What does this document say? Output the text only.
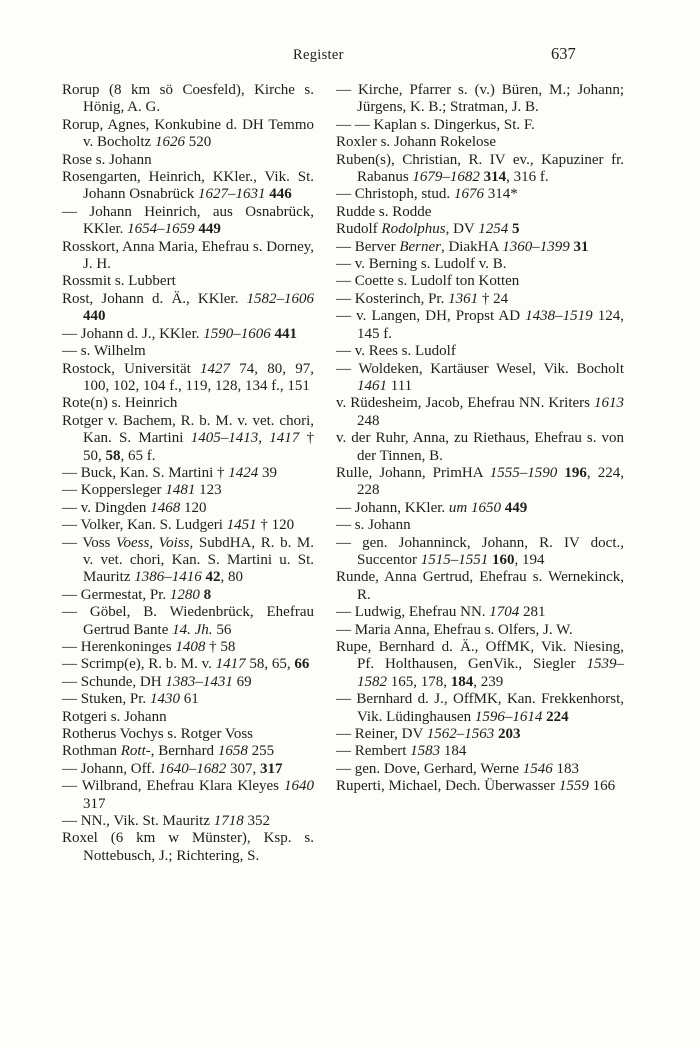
Register	637

Rorup (8 km sö Coesfeld), Kirche s. Hönig, A. G.

Rorup, Agnes, Konkubine d. DH Temmo v. Bocholtz 1626 520

Rose s. Johann

Rosengarten, Heinrich, KKler., Vik. St. Johann Osnabrück 1627–1631 446

— Johann Heinrich, aus Osnabrück, KKler. 1654–1659 449

Rosskort, Anna Maria, Ehefrau s. Dorney, J. H.

Rossmit s. Lubbert

Rost, Johann d. Ä., KKler. 1582–1606 440

— Johann d. J., KKler. 1590–1606 441

— s. Wilhelm

Rostock, Universität 1427 74, 80, 97, 100, 102, 104 f., 119, 128, 134 f., 151

Rote(n) s. Heinrich

Rotger v. Bachem, R. b. M. v. vet. chori, Kan. S. Martini 1405–1413, 1417 † 50, 58, 65 f.

— Buck, Kan. S. Martini † 1424 39

— Koppersleger 1481 123

— v. Dingden 1468 120

— Volker, Kan. S. Ludgeri 1451 † 120

— Voss Voess, Voiss, SubdHA, R. b. M. v. vet. chori, Kan. S. Martini u. St. Mauritz 1386–1416 42, 80

— Germestat, Pr. 1280 8

— Göbel, B. Wiedenbrück, Ehefrau Gertrud Bante 14. Jh. 56

— Herenkoninges 1408 † 58

— Scrimp(e), R. b. M. v. 1417 58, 65, 66

— Schunde, DH 1383–1431 69

— Stuken, Pr. 1430 61

Rotgeri s. Johann

Rotherus Vochys s. Rotger Voss

Rothman Rott-, Bernhard 1658 255

— Johann, Off. 1640–1682 307, 317

— Wilbrand, Ehefrau Klara Kleyes 1640 317

— NN., Vik. St. Mauritz 1718 352

Roxel (6 km w Münster), Ksp. s. Nottebusch, J.; Richtering, S.

— Kirche, Pfarrer s. (v.) Büren, M.; Johann; Jürgens, K. B.; Stratman, J. B.

— — Kaplan s. Dingerkus, St. F.

Roxler s. Johann Rokelose

Ruben(s), Christian, R. IV ev., Kapuziner fr. Rabanus 1679–1682 314, 316 f.

— Christoph, stud. 1676 314*

Rudde s. Rodde

Rudolf Rodolphus, DV 1254 5

— Berver Berner, DiakHA 1360–1399 31

— v. Berning s. Ludolf v. B.

— Coette s. Ludolf ton Kotten

— Kosterinch, Pr. 1361 † 24

— v. Langen, DH, Propst AD 1438–1519 124, 145 f.

— v. Rees s. Ludolf

— Woldeken, Kartäuser Wesel, Vik. Bocholt 1461 111

v. Rüdesheim, Jacob, Ehefrau NN. Kriters 1613 248

v. der Ruhr, Anna, zu Riethaus, Ehefrau s. von der Tinnen, B.

Rulle, Johann, PrimHA 1555–1590 196, 224, 228

— Johann, KKler. um 1650 449

— s. Johann

— gen. Johanninck, Johann, R. IV doct., Succentor 1515–1551 160, 194

Runde, Anna Gertrud, Ehefrau s. Wernekinck, R.

— Ludwig, Ehefrau NN. 1704 281

— Maria Anna, Ehefrau s. Olfers, J. W.

Rupe, Bernhard d. Ä., OffMK, Vik. Niesing, Pf. Holthausen, GenVik., Siegler 1539–1582 165, 178, 184, 239

— Bernhard d. J., OffMK, Kan. Frekkenhorst, Vik. Lüdinghausen 1596–1614 224

— Reiner, DV 1562–1563 203

— Rembert 1583 184

— gen. Dove, Gerhard, Werne 1546 183

Ruperti, Michael, Dech. Überwasser 1559 166
